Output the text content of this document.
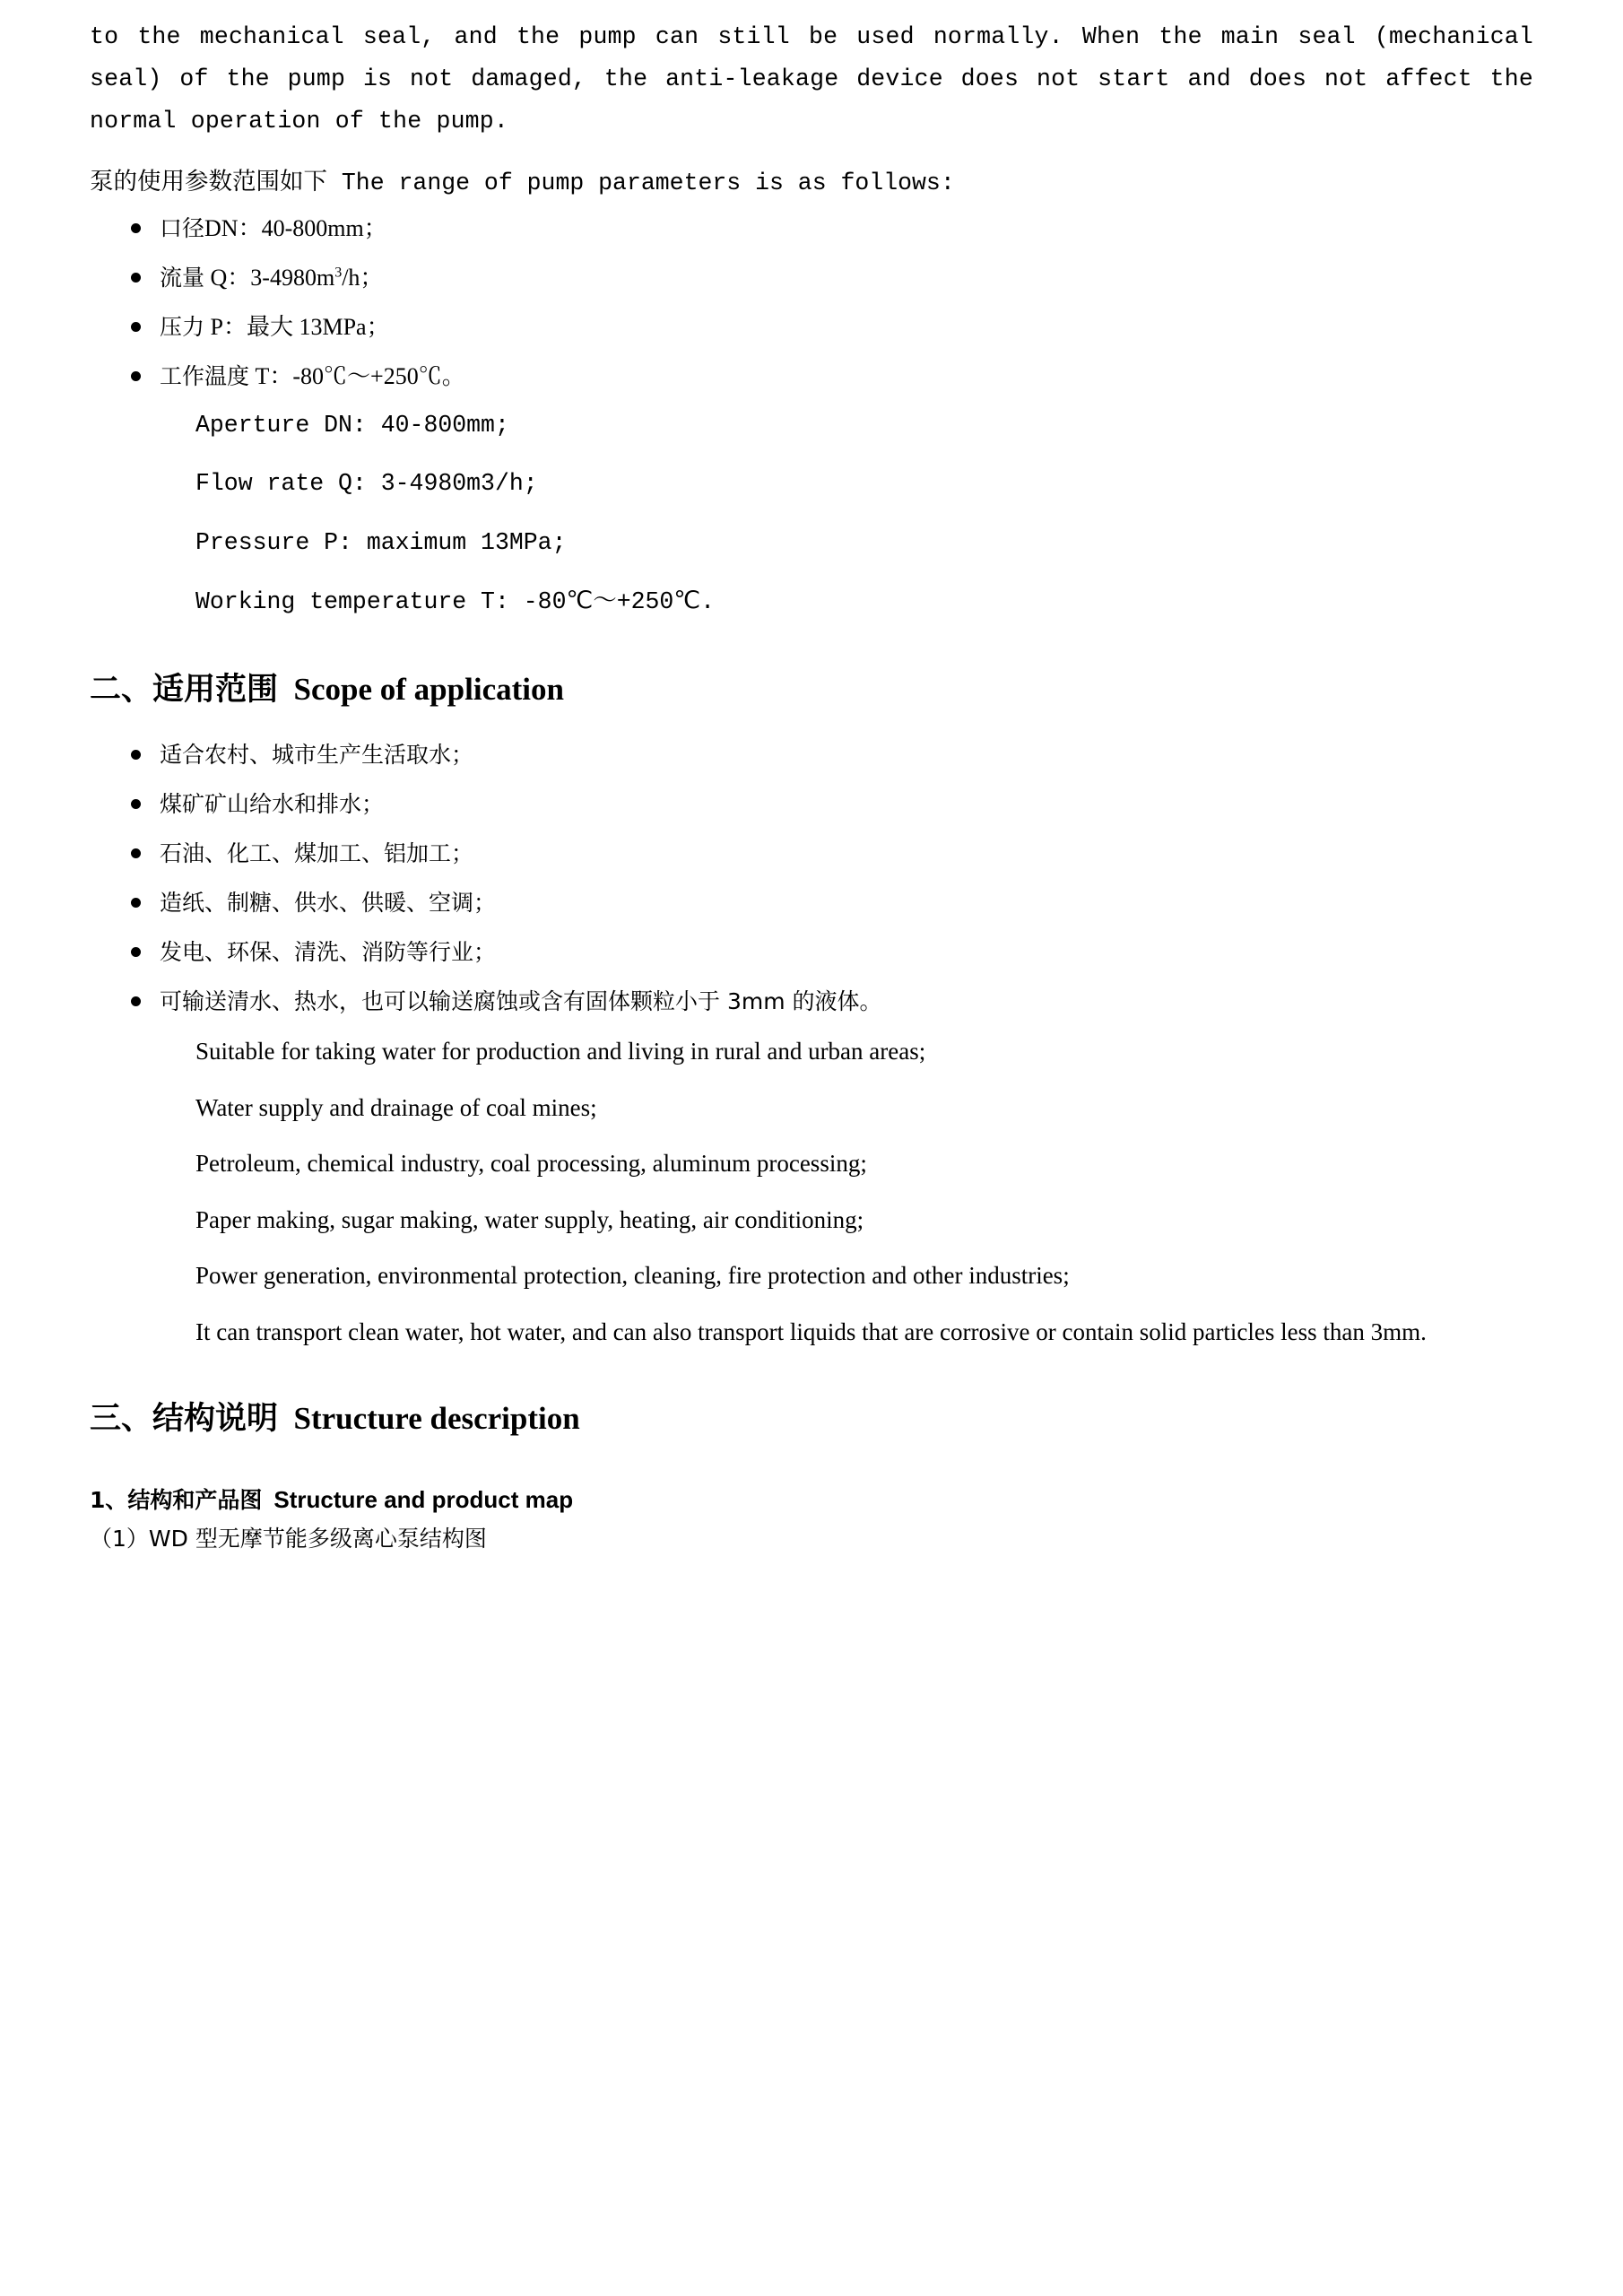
to the mechanical seal, and the pump can still be used normally. When the main seal (mechanical seal) of the pump is not damaged, the anti-leakage device does not start and does not affect the normal operation of the pump.

泵的使用参数范围如下 The range of pump parameters is as follows:

口径DN：40-800mm；
流量 Q：$3-4980m^3/h$；
压力 P：最大 13MPa；
工作温度 T：-80℃～+250℃。

Aperture DN: 40-800mm;

Flow rate Q: 3-4980m3/h;

Pressure P: maximum 13MPa;

Working temperature T: -80℃～+250℃.

二、适用范围 Scope of application
适合农村、城市生产生活取水；
煤矿矿山给水和排水；
石油、化工、煤加工、铝加工；
造纸、制糖、供水、供暖、空调；
发电、环保、清洗、消防等行业；
可输送清水、热水，也可以输送腐蚀或含有固体颗粒小于 3mm 的液体。

Suitable for taking water for production and living in rural and urban areas;

Water supply and drainage of coal mines;

Petroleum, chemical industry, coal processing, aluminum processing;

Paper making, sugar making, water supply, heating, air conditioning;

Power generation, environmental protection, cleaning, fire protection and other industries;

It can transport clean water, hot water, and can also transport liquids that are corrosive or contain solid particles less than 3mm.

三、结构说明 Structure description
1、结构和产品图 Structure and product map

（1）WD 型无摩节能多级离心泵结构图
